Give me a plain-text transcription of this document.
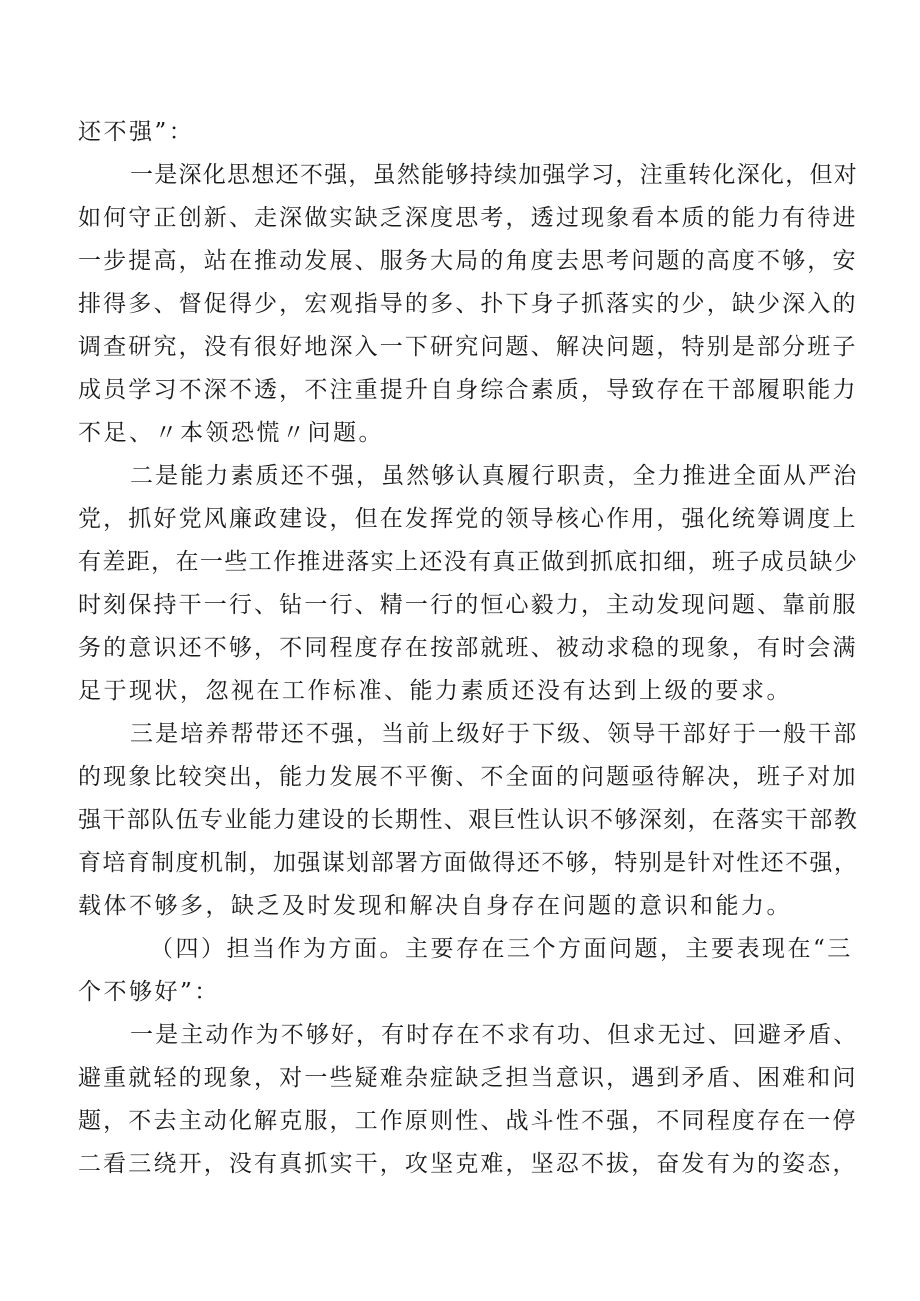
还不强”：

一是深化思想还不强，虽然能够持续加强学习，注重转化深化，但对

如何守正创新、走深做实缺乏深度思考，透过现象看本质的能力有待进

一步提高，站在推动发展、服务大局的角度去思考问题的高度不够，安

排得多、督促得少，宏观指导的多、扑下身子抓落实的少，缺少深入的

调查研究，没有很好地深入一下研究问题、解决问题，特别是部分班子

成员学习不深不透，不注重提升自身综合素质，导致存在干部履职能力

不足、〃本领恐慌〃问题。

二是能力素质还不强，虽然够认真履行职责，全力推进全面从严治

党，抓好党风廉政建设，但在发挥党的领导核心作用，强化统筹调度上

有差距，在一些工作推进落实上还没有真正做到抓底扣细，班子成员缺少

时刻保持干一行、钻一行、精一行的恒心毅力，主动发现问题、靠前服

务的意识还不够，不同程度存在按部就班、被动求稳的现象，有时会满

足于现状，忽视在工作标准、能力素质还没有达到上级的要求。

三是培养帮带还不强，当前上级好于下级、领导干部好于一般干部

的现象比较突出，能力发展不平衡、不全面的问题亟待解决，班子对加

强干部队伍专业能力建设的长期性、艰巨性认识不够深刻，在落实干部教

育培育制度机制，加强谋划部署方面做得还不够，特别是针对性还不强，

载体不够多，缺乏及时发现和解决自身存在问题的意识和能力。

（四）担当作为方面。主要存在三个方面问题，主要表现在“三

个不够好”：

一是主动作为不够好，有时存在不求有功、但求无过、回避矛盾、

避重就轻的现象，对一些疑难杂症缺乏担当意识，遇到矛盾、困难和问

题，不去主动化解克服，工作原则性、战斗性不强，不同程度存在一停

二看三绕开，没有真抓实干，攻坚克难，坚忍不拔，奋发有为的姿态，
